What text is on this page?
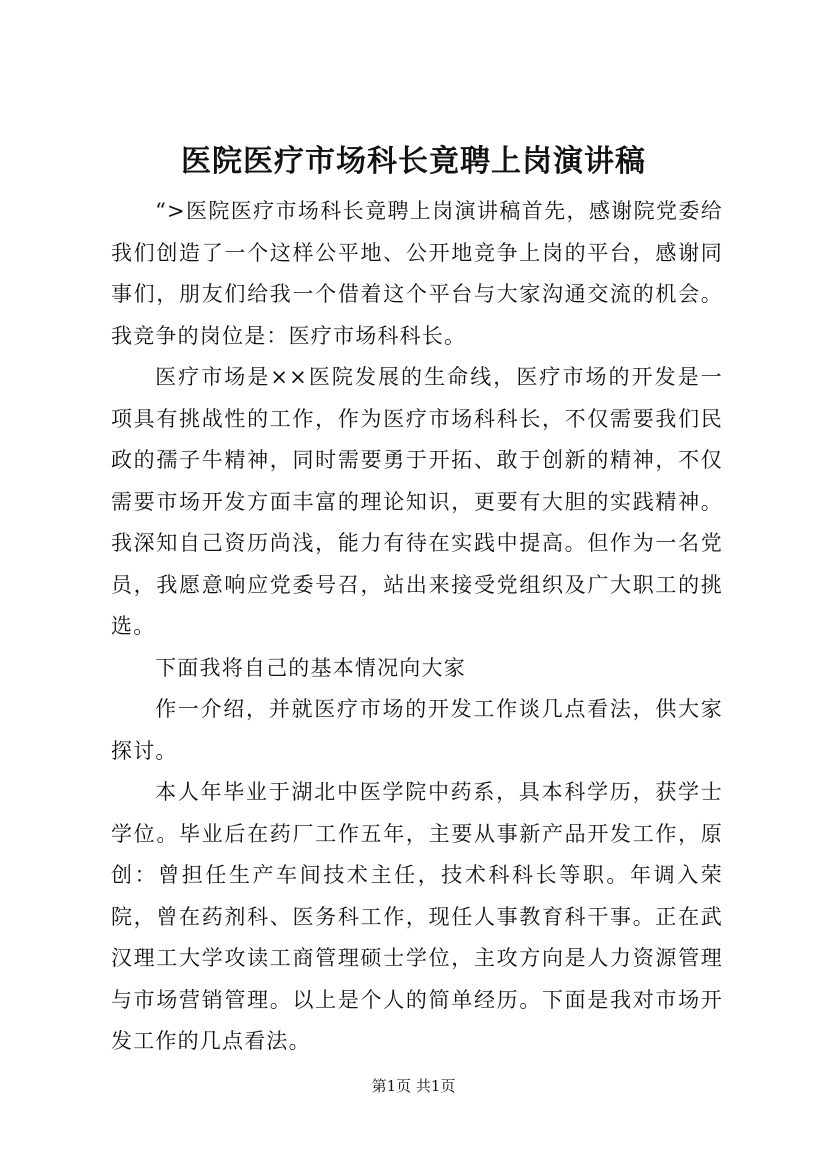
医院医疗市场科长竟聘上岗演讲稿

“>医院医疗市场科长竟聘上岗演讲稿首先，感谢院党委给我们创造了一个这样公平地、公开地竞争上岗的平台，感谢同事们，朋友们给我一个借着这个平台与大家沟通交流的机会。我竞争的岗位是：医疗市场科科长。

医疗市场是××医院发展的生命线，医疗市场的开发是一项具有挑战性的工作，作为医疗市场科科长，不仅需要我们民政的孺子牛精神，同时需要勇于开拓、敢于创新的精神，不仅需要市场开发方面丰富的理论知识，更要有大胆的实践精神。我深知自己资历尚浅，能力有待在实践中提高。但作为一名党员，我愿意响应党委号召，站出来接受党组织及广大职工的挑选。

下面我将自己的基本情况向大家

作一介绍，并就医疗市场的开发工作谈几点看法，供大家探讨。

本人年毕业于湖北中医学院中药系，具本科学历，获学士学位。毕业后在药厂工作五年，主要从事新产品开发工作，原创：曾担任生产车间技术主任，技术科科长等职。年调入荣院，曾在药剂科、医务科工作，现任人事教育科干事。正在武汉理工大学攻读工商管理硕士学位，主攻方向是人力资源管理与市场营销管理。以上是个人的简单经历。下面是我对市场开发工作的几点看法。

第1页 共1页
